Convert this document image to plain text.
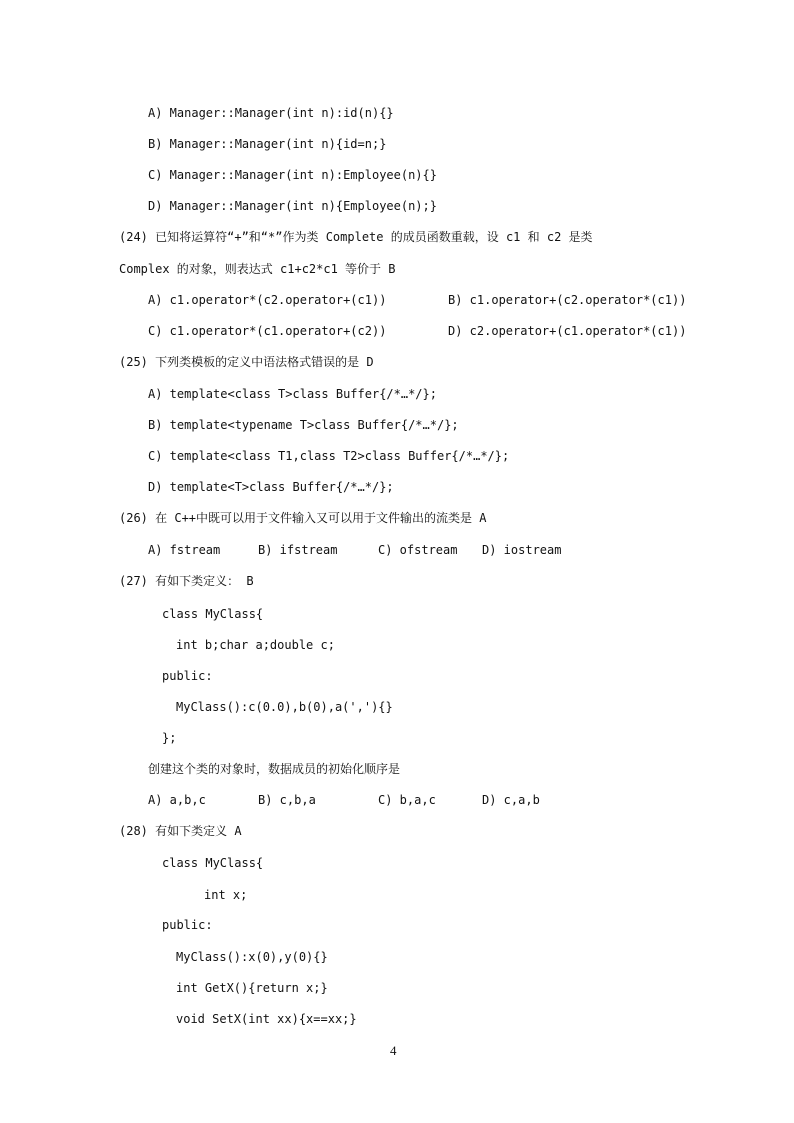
A) Manager::Manager(int n):id(n){}
B) Manager::Manager(int n){id=n;}
C) Manager::Manager(int n):Employee(n){}
D) Manager::Manager(int n){Employee(n);}
(24) 已知将运算符“+”和“*”作为类 Complete 的成员函数重载，设 c1 和 c2 是类
Complex 的对象，则表达式 c1+c2*c1 等价于 B
A) c1.operator*(c2.operator+(c1))	B) c1.operator+(c2.operator*(c1))
C) c1.operator*(c1.operator+(c2))	D) c2.operator+(c1.operator*(c1))
(25) 下列类模板的定义中语法格式错误的是 D
A) template<class T>class Buffer{/*…*/};
B) template<typename T>class Buffer{/*…*/};
C) template<class T1,class T2>class Buffer{/*…*/};
D) template<T>class Buffer{/*…*/};
(26) 在 C++中既可以用于文件输入又可以用于文件输出的流类是 A
A) fstream	B) ifstream	C) ofstream D) iostream
(27) 有如下类定义： B
class MyClass{
int b;char a;double c;
public:
MyClass():c(0.0),b(0),a(','){}
};
创建这个类的对象时，数据成员的初始化顺序是
A) a,b,c	B) c,b,a	C) b,a,c	D) c,a,b
(28) 有如下类定义 A
class MyClass{
int x;
public:
MyClass():x(0),y(0){}
int GetX(){return x;}
void SetX(int xx){x==xx;}
4
